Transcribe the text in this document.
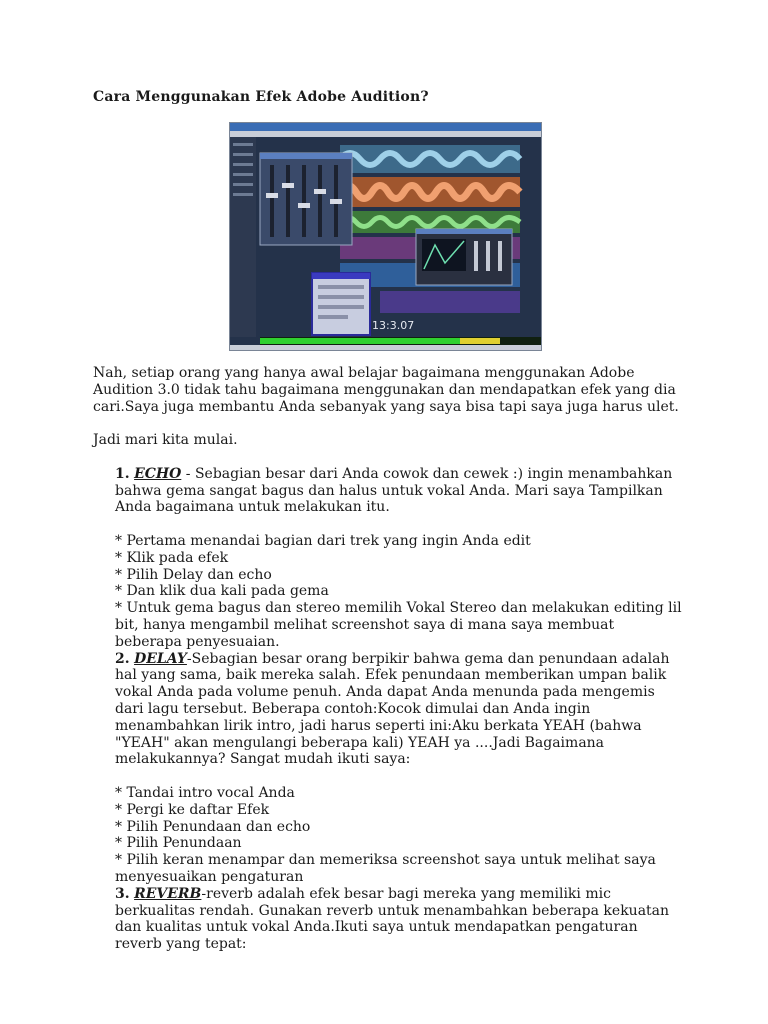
Cara Menggunakan Efek Adobe Audition?
13:3.07

Nah, setiap orang yang hanya awal belajar bagaimana menggunakan Adobe Audition 3.0 tidak tahu bagaimana menggunakan dan mendapatkan efek yang dia cari.Saya juga membantu Anda sebanyak yang saya bisa tapi saya juga harus ulet.

Jadi mari kita mulai.

1. ECHO - Sebagian besar dari Anda cowok dan cewek :) ingin menambahkan bahwa gema sangat bagus dan halus untuk vokal Anda. Mari saya Tampilkan Anda bagaimana untuk melakukan itu.

* Pertama menandai bagian dari trek yang ingin Anda edit

* Klik pada efek

* Pilih Delay dan echo

* Dan klik dua kali pada gema

* Untuk gema bagus dan stereo memilih Vokal Stereo dan melakukan editing lil bit, hanya mengambil melihat screenshot saya di mana saya membuat beberapa penyesuaian.

2. DELAY-Sebagian besar orang berpikir bahwa gema dan penundaan adalah hal yang sama, baik mereka salah. Efek penundaan memberikan umpan balik vokal Anda pada volume penuh. Anda dapat Anda menunda pada mengemis dari lagu tersebut. Beberapa contoh:Kocok dimulai dan Anda ingin menambahkan lirik intro, jadi harus seperti ini:Aku berkata YEAH (bahwa "YEAH" akan mengulangi beberapa kali) YEAH ya ....Jadi Bagaimana melakukannya? Sangat mudah ikuti saya:

* Tandai intro vocal Anda

* Pergi ke daftar Efek

* Pilih Penundaan dan echo

* Pilih Penundaan

* Pilih keran menampar dan memeriksa screenshot saya untuk melihat saya menyesuaikan pengaturan

3. REVERB-reverb adalah efek besar bagi mereka yang memiliki mic berkualitas rendah. Gunakan reverb untuk menambahkan beberapa kekuatan dan kualitas untuk vokal Anda.Ikuti saya untuk mendapatkan pengaturan reverb yang tepat:
